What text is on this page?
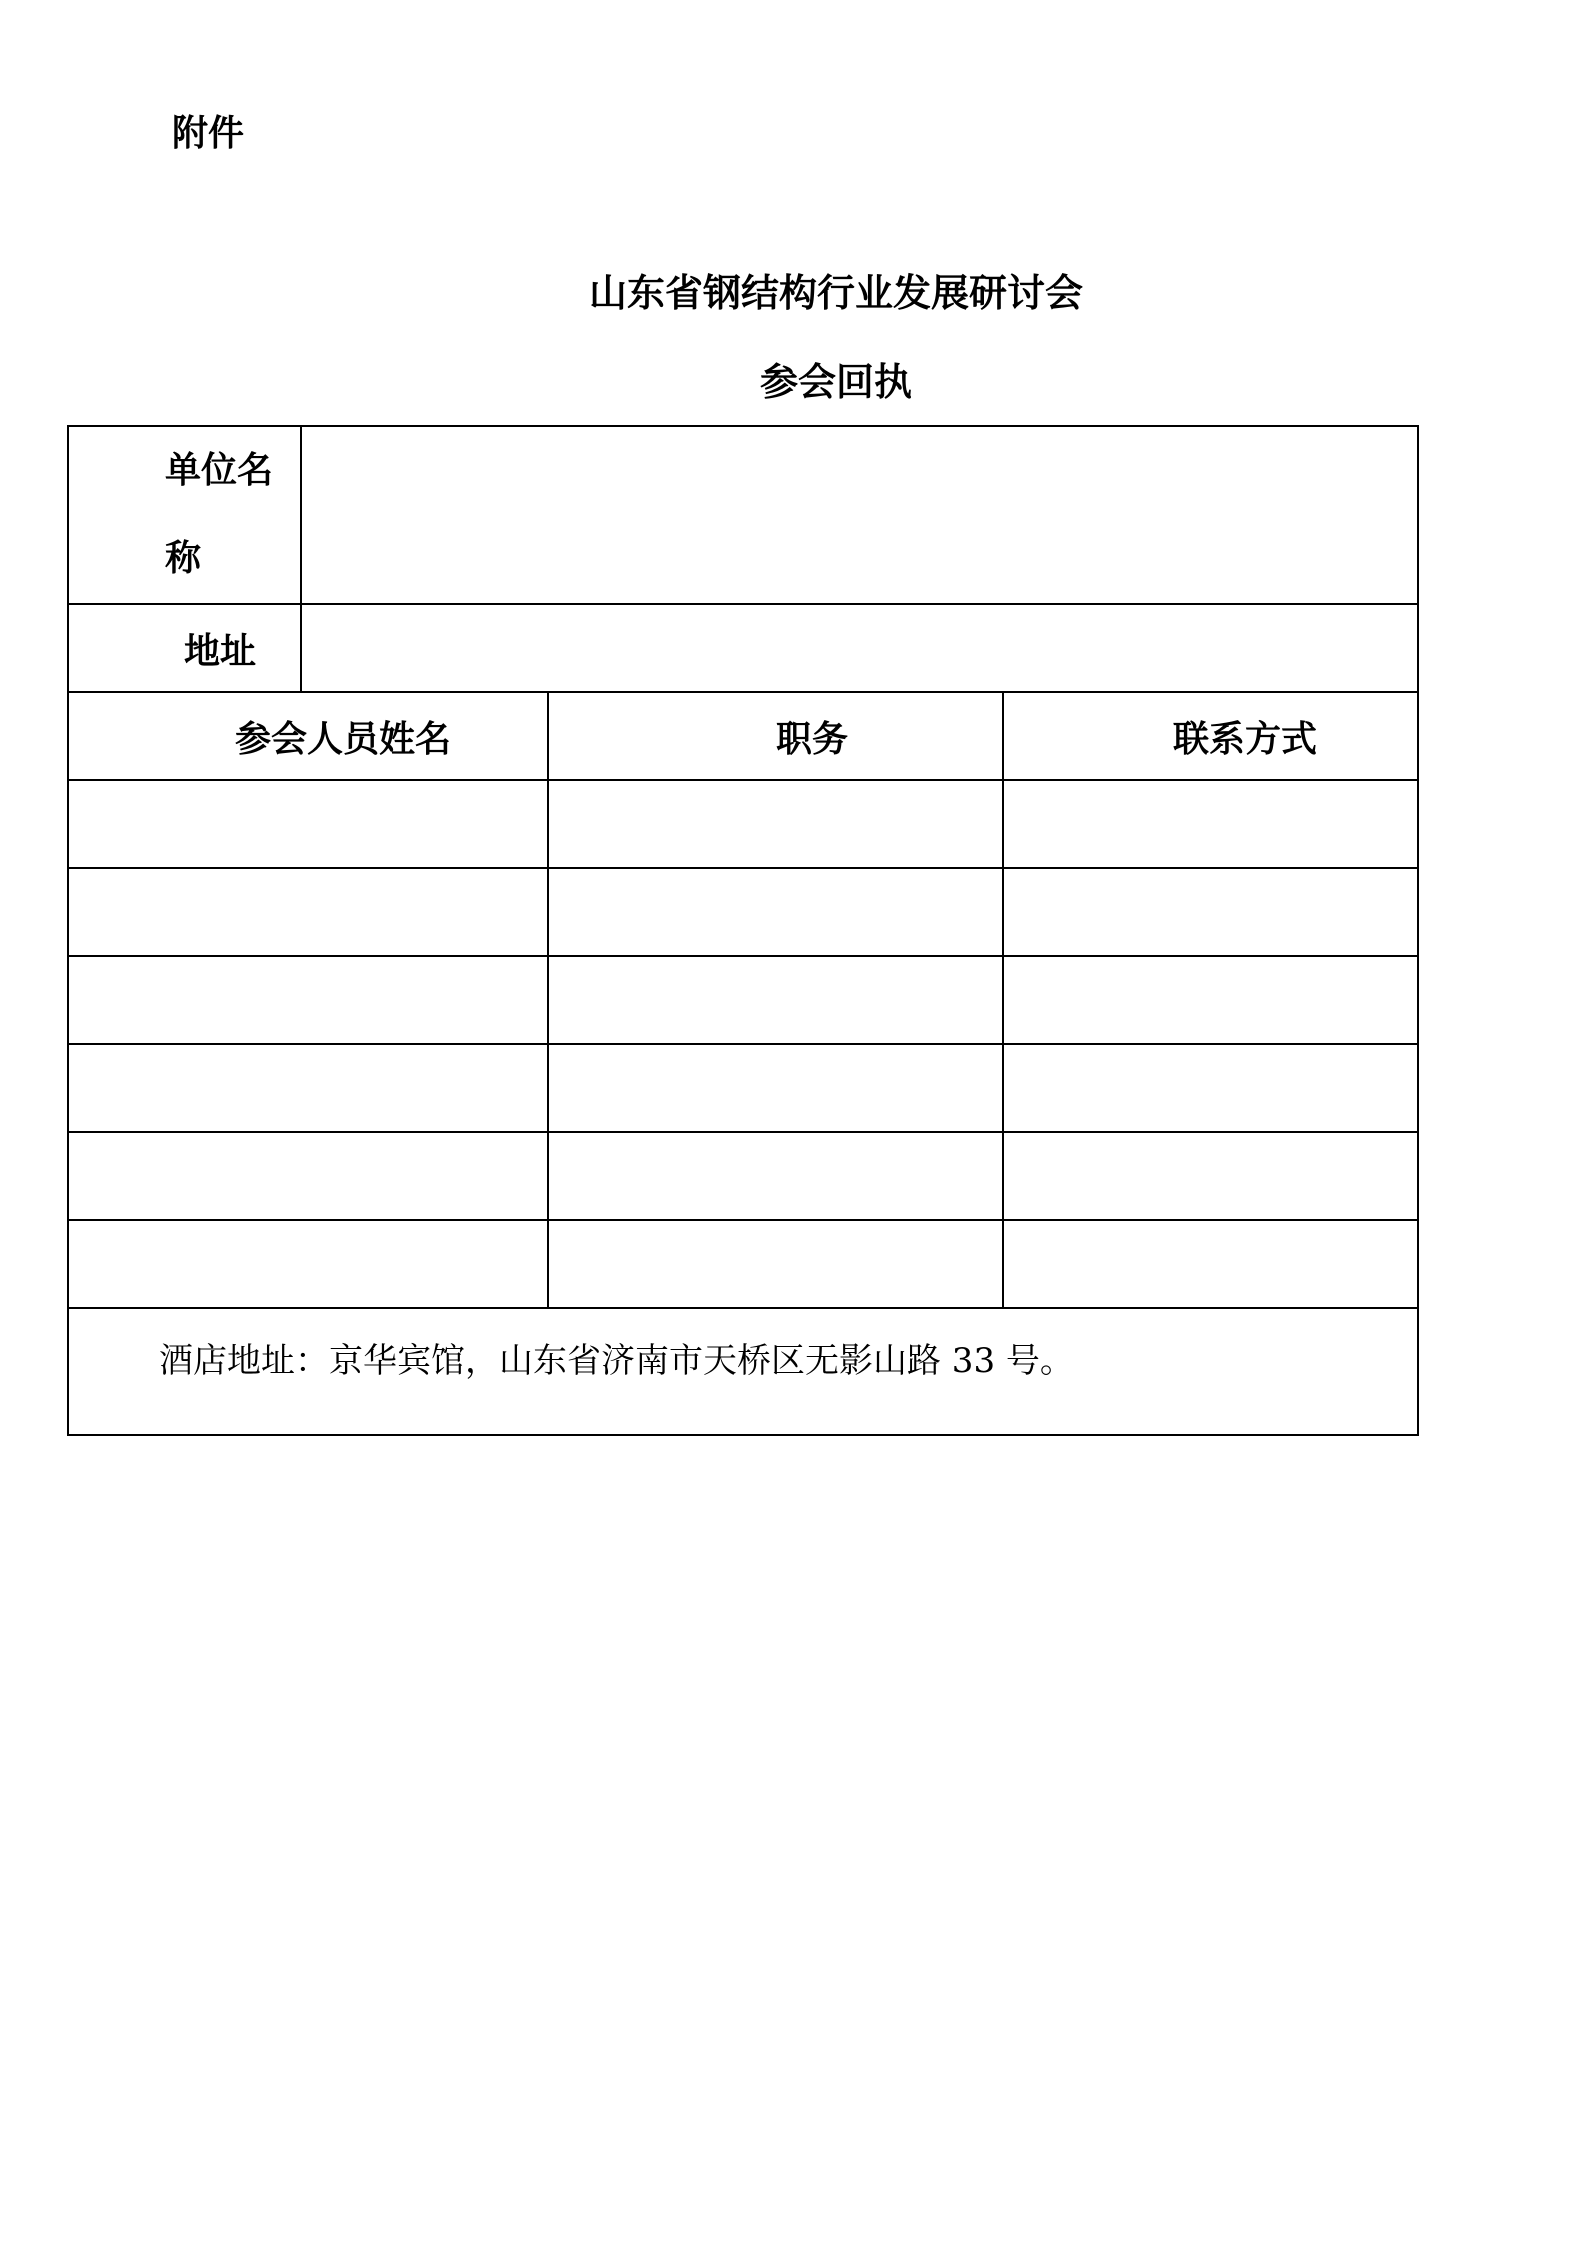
附件
山东省钢结构行业发展研讨会
参会回执
单位名称			
地址			
参会人员姓名		职务	联系方式

酒店地址：京华宾馆，山东省济南市天桥区无影山路 33 号。			
